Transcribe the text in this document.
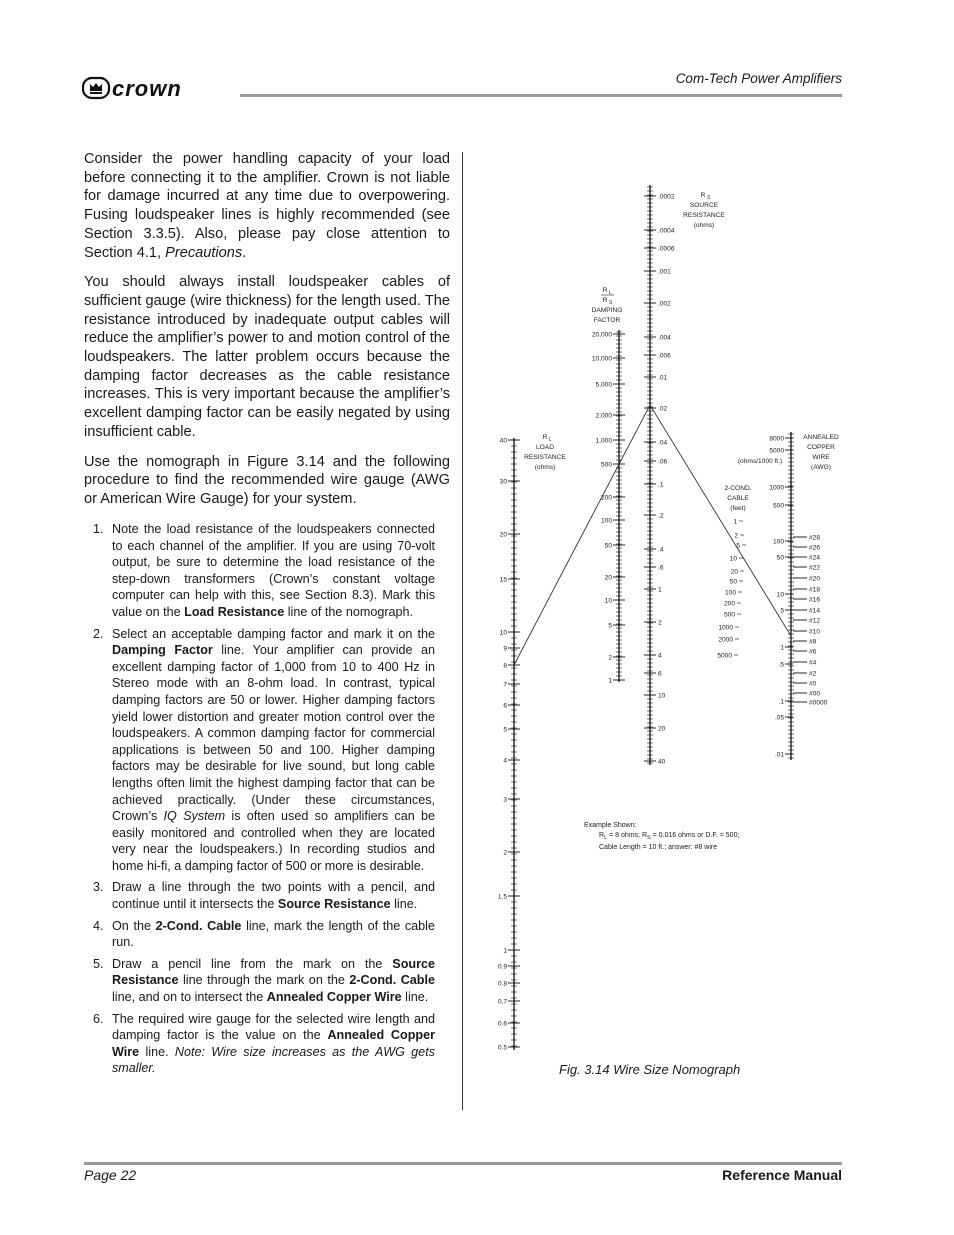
crown	Com-Tech Power Amplifiers

Consider the power handling capacity of your load before connecting it to the amplifier. Crown is not liable for damage incurred at any time due to overpowering. Fusing loudspeaker lines is highly recommended (see Section 3.3.5). Also, please pay close attention to Section 4.1, Precautions.

You should always install loudspeaker cables of sufficient gauge (wire thickness) for the length used. The resistance introduced by inadequate output cables will reduce the amplifier’s power to and motion control of the loudspeakers. The latter problem occurs because the damping factor decreases as the cable resistance increases. This is very important because the amplifier’s excellent damping factor can be easily negated by using insufficient cable.

Use the nomograph in Figure 3.14 and the following procedure to find the recommended wire gauge (AWG or American Wire Gauge) for your system.

1. Note the load resistance of the loudspeakers connected to each channel of the amplifier. If you are using 70-volt output, be sure to determine the load resistance of the step-down transformers (Crown’s constant voltage computer can help with this, see Section 8.3). Mark this value on the Load Resistance line of the nomograph.
2. Select an acceptable damping factor and mark it on the Damping Factor line. Your amplifier can provide an excellent damping factor of 1,000 from 10 to 400 Hz in Stereo mode with an 8-ohm load. In contrast, typical damping factors are 50 or lower. Higher damping factors yield lower distortion and greater motion control over the loudspeakers. A common damping factor for commercial applications is between 50 and 100. Higher damping factors may be desirable for live sound, but long cable lengths often limit the highest damping factor that can be achieved practically. (Under these circumstances, Crown’s IQ System is often used so amplifiers can be easily monitored and controlled when they are located very near the loudspeakers.) In recording studios and home hi-fi, a damping factor of 500 or more is desirable.
3. Draw a line through the two points with a pencil, and continue until it intersects the Source Resistance line.
4. On the 2-Cond. Cable line, mark the length of the cable run.
5. Draw a pencil line from the mark on the Source Resistance line through the mark on the 2-Cond. Cable line, and on to intersect the Annealed Copper Wire line.
6. The required wire gauge for the selected wire length and damping factor is the value on the Annealed Copper Wire line. Note: Wire size increases as the AWG gets smaller.
40
30
20
15
10
9
8
7
6
5
4
3
2
1.5
1
0.9
0.8
0.7
0.6
0.5
R L
LOAD
RESISTANCE
(ohms)
20,000
10,000
5,000
2,000
1,000
500
200
100
50
20
10
5
2
1
R L
R S
DAMPING
FACTOR
.0002
.0004
.0006
.001
.002
.004
.006
.01
.02
.04
.06
.1
.2
.4
.6
1
2
4
6
10
20
40
R S
SOURCE
RESISTANCE
(ohms)
2-COND.
CABLE
(feet)
1
2
5
10
20
50
100
200
500
1000
2000
5000
8000
5000
1000
500
100
50
10
5
1
.5
.1
.05
.01
(ohms/1000 ft.)
#28
#26
#24
#22
#20
#18
#16
#14
#12
#10
#8
#6
#4
#2
#0
#00
#0000
ANNEALED
COPPER
WIRE
(AWG)
Example Shown:
$R_L = 8$ ohms; $R_S = 0.016$ ohms or D.F. = 500;
Cable Length = 10 ft.; answer: #8 wire
Fig. 3.14 Wire Size Nomograph
Page 22	Reference Manual
